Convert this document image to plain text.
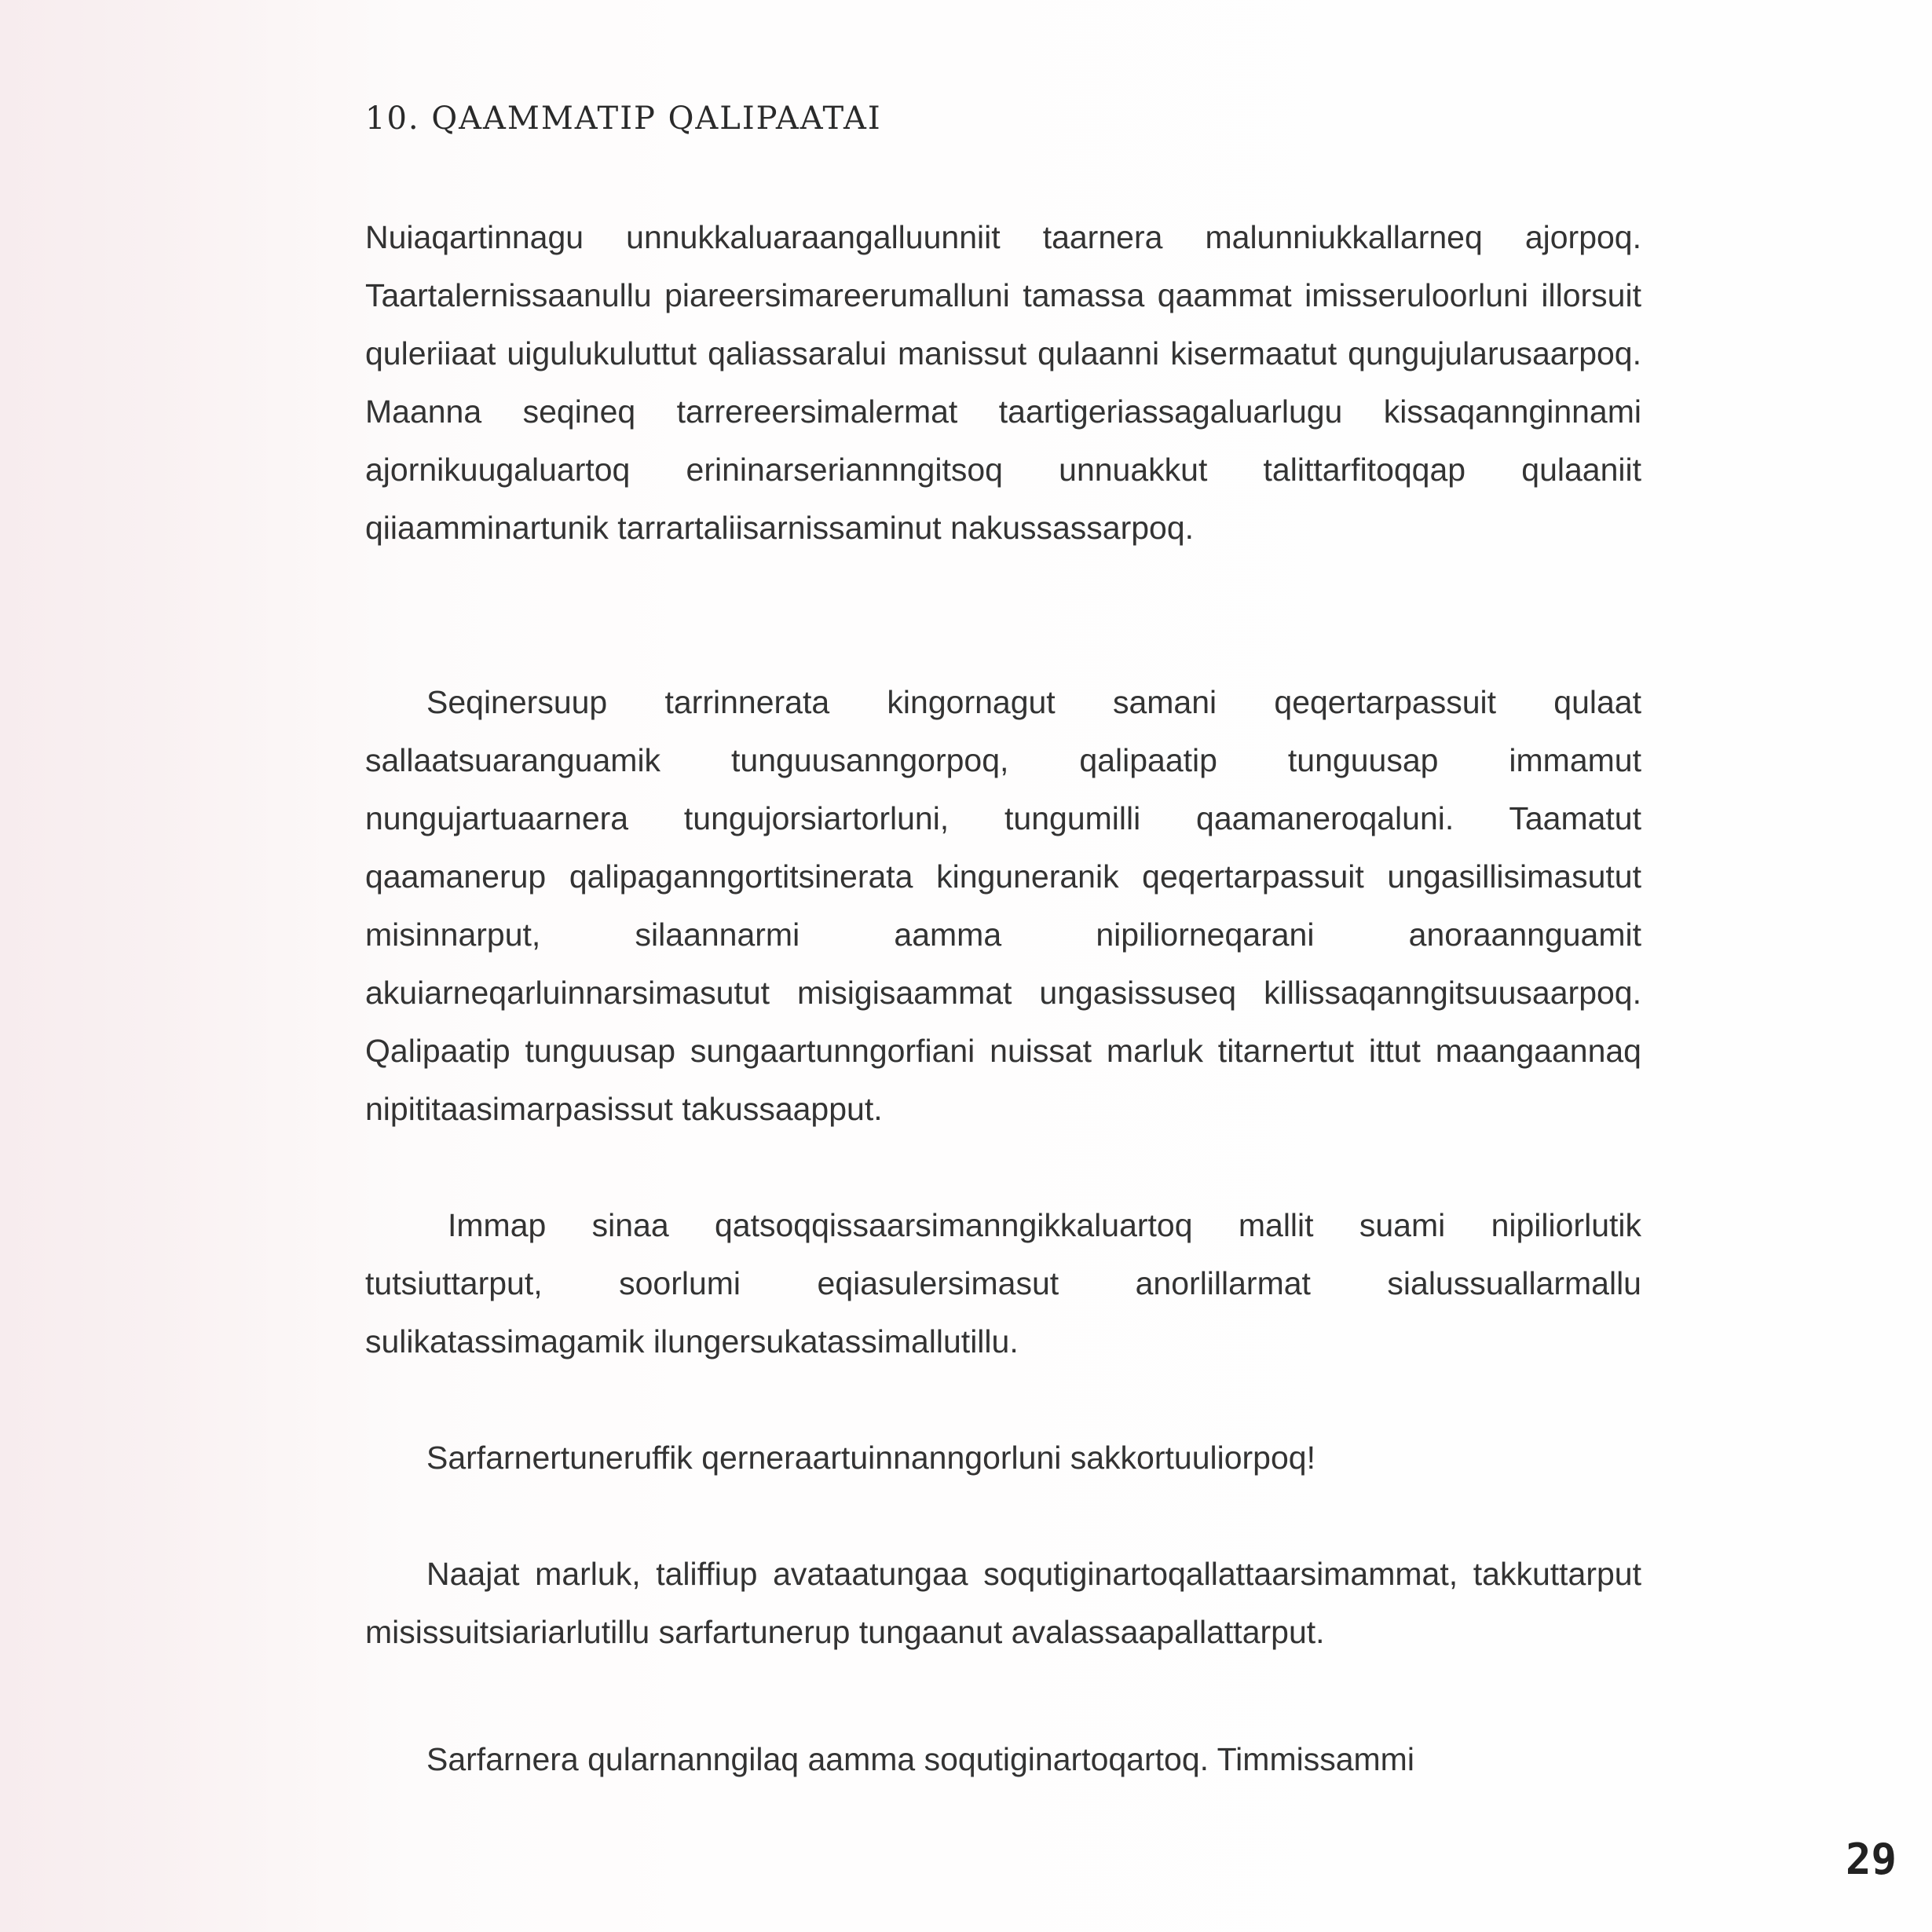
10. QAAMMATIP QALIPAATAI

Nuiaqartinnagu unnukkaluaraangalluunniit taarnera malunniukkallarneq ajorpoq. Taartalernissaanullu piareersimareerumalluni tamassa qaammat imisseruloorluni illorsuit quleriiaat uigulukuluttut qaliassaralui manissut qulaanni kisermaatut qungujularusaarpoq. Maanna seqineq tarrereersimalermat taartigeriassagaluarlugu kissaqannginnami ajornikuugaluartoq erininarseriannngitsoq unnuakkut talittarfitoqqap qulaaniit qiiaamminartunik tarrartaliisarnissaminut nakussassarpoq.

Seqinersuup tarrinnerata kingornagut samani qeqertarpassuit qulaat sallaatsuaranguamik tunguusanngorpoq, qalipaatip tunguusap immamut nungujartuaarnera tungujorsiartorluni, tungumilli qaamaneroqaluni. Taamatut qaamanerup qalipaganngortitsinerata kinguneranik qeqertarpassuit ungasillisimasutut misinnarput, silaannarmi aamma nipiliorneqarani anoraannguamit akuiarneqarluinnarsimasutut misigisaammat ungasissuseq killissaqanngitsuusaarpoq. Qalipaatip tunguusap sungaartunngorfiani nuissat marluk titarnertut ittut maangaannaq nipititaasimarpasissut takussaapput.

Immap sinaa qatsoqqissaarsimanngikkaluartoq mallit suami nipiliorlutik tutsiuttarput, soorlumi eqiasulersimasut anorlillarmat sialussuallarmallu sulikatassimagamik ilungersukatassimallutillu.

Sarfarnertuneruffik qerneraartuinnanngorluni sakkortuuliorpoq!

Naajat marluk, taliffiup avataatungaa soqutiginartoqallattaarsimammat, takkuttarput misissuitsiariarlutillu sarfartunerup tungaanut avalassaapallattarput.

Sarfarnera qularnanngilaq aamma soqutiginartoqartoq. Timmissammi

29
